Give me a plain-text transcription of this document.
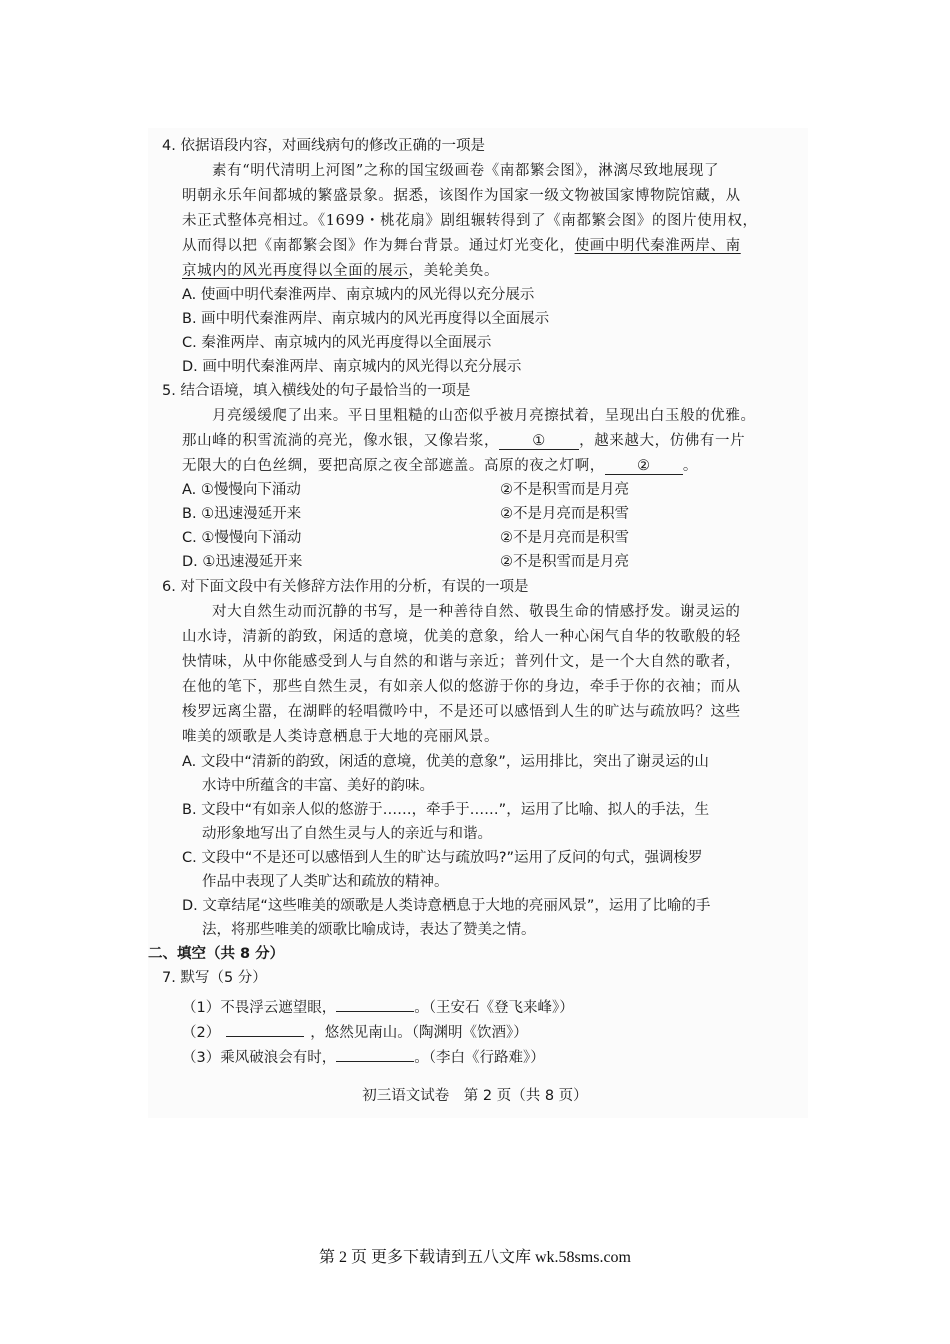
4. 依据语段内容，对画线病句的修改正确的一项是
素有“明代清明上河图”之称的国宝级画卷《南都繁会图》，淋漓尽致地展现了
明朝永乐年间都城的繁盛景象。据悉，该图作为国家一级文物被国家博物院馆藏，从
未正式整体亮相过。《1699・桃花扇》剧组辗转得到了《南都繁会图》的图片使用权，
从而得以把《南都繁会图》作为舞台背景。通过灯光变化，使画中明代秦淮两岸、南
京城内的风光再度得以全面的展示，美轮美奂。
A. 使画中明代秦淮两岸、南京城内的风光得以充分展示
B. 画中明代秦淮两岸、南京城内的风光再度得以全面展示
C. 秦淮两岸、南京城内的风光再度得以全面展示
D. 画中明代秦淮两岸、南京城内的风光得以充分展示
5. 结合语境，填入横线处的句子最恰当的一项是
月亮缓缓爬了出来。平日里粗糙的山峦似乎被月亮擦拭着，呈现出白玉般的优雅。
那山峰的积雪流淌的亮光，像水银，又像岩浆， ① ，越来越大，仿佛有一片
无限大的白色丝绸，要把高原之夜全部遮盖。高原的夜之灯啊， ② 。
A. ①慢慢向下涌动	②不是积雪而是月亮
B. ①迅速漫延开来	②不是月亮而是积雪
C. ①慢慢向下涌动	②不是月亮而是积雪
D. ①迅速漫延开来	②不是积雪而是月亮
6. 对下面文段中有关修辞方法作用的分析，有误的一项是
对大自然生动而沉静的书写，是一种善待自然、敬畏生命的情感抒发。谢灵运的
山水诗，清新的韵致，闲适的意境，优美的意象，给人一种心闲气自华的牧歌般的轻
快情味，从中你能感受到人与自然的和谐与亲近；普列什文，是一个大自然的歌者，
在他的笔下，那些自然生灵，有如亲人似的悠游于你的身边，牵手于你的衣袖；而从
梭罗远离尘嚣，在湖畔的轻唱微吟中，不是还可以感悟到人生的旷达与疏放吗？这些
唯美的颂歌是人类诗意栖息于大地的亮丽风景。
A. 文段中“清新的韵致，闲适的意境，优美的意象”，运用排比，突出了谢灵运的山
水诗中所蕴含的丰富、美好的韵味。
B. 文段中“有如亲人似的悠游于……，牵手于……”，运用了比喻、拟人的手法，生
动形象地写出了自然生灵与人的亲近与和谐。
C. 文段中“不是还可以感悟到人生的旷达与疏放吗?”运用了反问的句式，强调梭罗
作品中表现了人类旷达和疏放的精神。
D. 文章结尾“这些唯美的颂歌是人类诗意栖息于大地的亮丽风景”，运用了比喻的手
法，将那些唯美的颂歌比喻成诗，表达了赞美之情。
二、填空（共 8 分）
7. 默写（5 分）
（1）不畏浮云遮望眼，	。（王安石《登飞来峰》）
（2）	，悠然见南山。（陶渊明《饮酒》）
（3）乘风破浪会有时，	。（李白《行路难》）
初三语文试卷　第 2 页（共 8 页）
第 2 页 更多下载请到五八文库 wk.58sms.com
